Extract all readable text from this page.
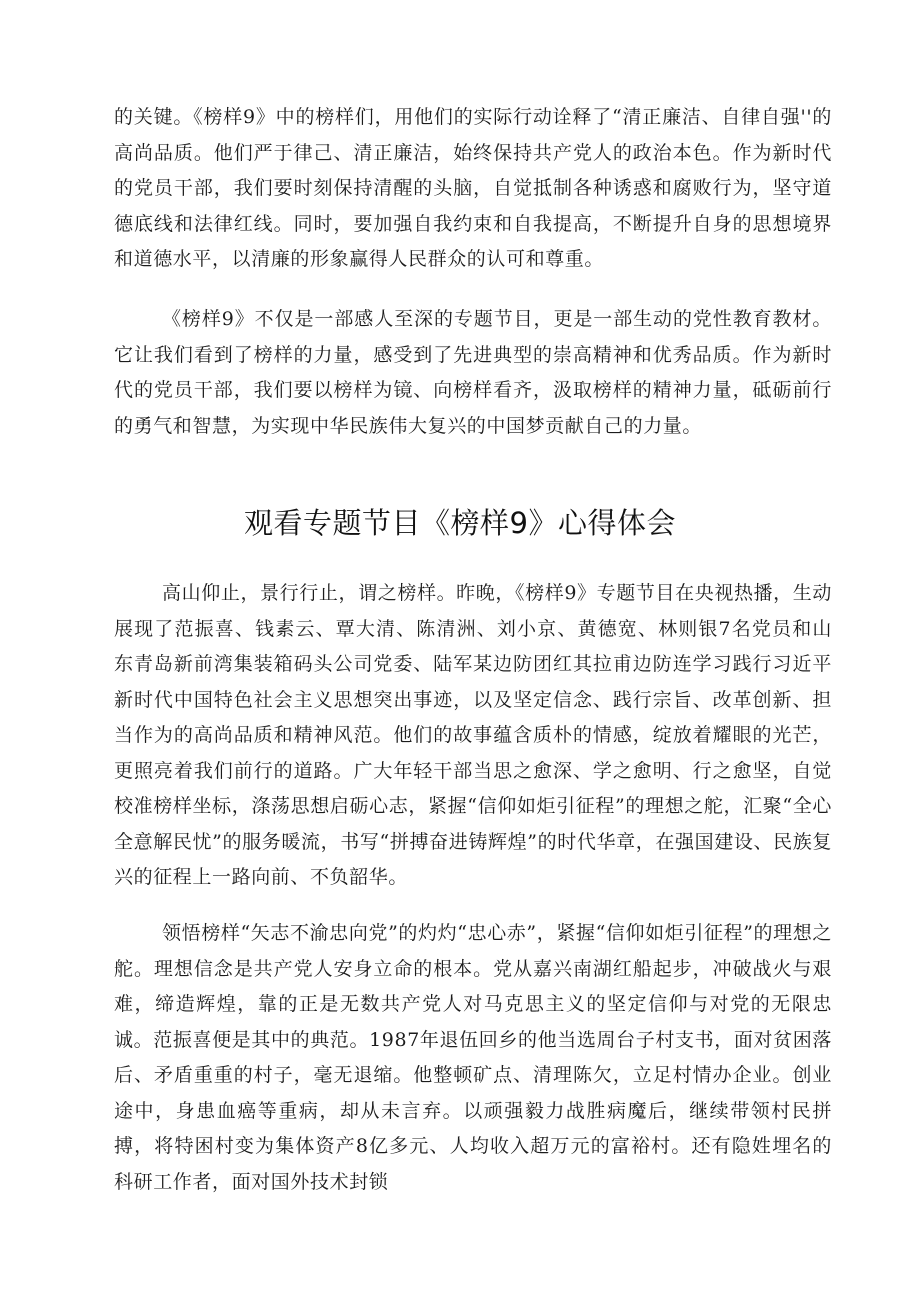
的关键。《榜样9》中的榜样们，用他们的实际行动诠释了“清正廉洁、自律自强''的高尚品质。他们严于律己、清正廉洁，始终保持共产党人的政治本色。作为新时代的党员干部，我们要时刻保持清醒的头脑，自觉抵制各种诱惑和腐败行为，坚守道德底线和法律红线。同时，要加强自我约束和自我提高，不断提升自身的思想境界和道德水平，以清廉的形象赢得人民群众的认可和尊重。

《榜样9》不仅是一部感人至深的专题节目，更是一部生动的党性教育教材。它让我们看到了榜样的力量，感受到了先进典型的崇高精神和优秀品质。作为新时代的党员干部，我们要以榜样为镜、向榜样看齐，汲取榜样的精神力量，砥砺前行的勇气和智慧，为实现中华民族伟大复兴的中国梦贡献自己的力量。

观看专题节目《榜样9》心得体会

高山仰止，景行行止，谓之榜样。昨晚，《榜样9》专题节目在央视热播，生动展现了范振喜、钱素云、覃大清、陈清洲、刘小京、黄德宽、林则银7名党员和山东青岛新前湾集装箱码头公司党委、陆军某边防团红其拉甫边防连学习践行习近平新时代中国特色社会主义思想突出事迹，以及坚定信念、践行宗旨、改革创新、担当作为的高尚品质和精神风范。他们的故事蕴含质朴的情感，绽放着耀眼的光芒，更照亮着我们前行的道路。广大年轻干部当思之愈深、学之愈明、行之愈坚，自觉校准榜样坐标，涤荡思想启砺心志，紧握“信仰如炬引征程”的理想之舵，汇聚“全心全意解民忧”的服务暖流，书写“拼搏奋进铸辉煌”的时代华章，在强国建设、民族复兴的征程上一路向前、不负韶华。

领悟榜样“矢志不渝忠向党”的灼灼“忠心赤”，紧握“信仰如炬引征程”的理想之舵。理想信念是共产党人安身立命的根本。党从嘉兴南湖红船起步，冲破战火与艰难，缔造辉煌，靠的正是无数共产党人对马克思主义的坚定信仰与对党的无限忠诚。范振喜便是其中的典范。1987年退伍回乡的他当选周台子村支书，面对贫困落后、矛盾重重的村子，毫无退缩。他整顿矿点、清理陈欠，立足村情办企业。创业途中，身患血癌等重病，却从未言弃。以顽强毅力战胜病魔后，继续带领村民拼搏，将特困村变为集体资产8亿多元、人均收入超万元的富裕村。还有隐姓埋名的科研工作者，面对国外技术封锁
